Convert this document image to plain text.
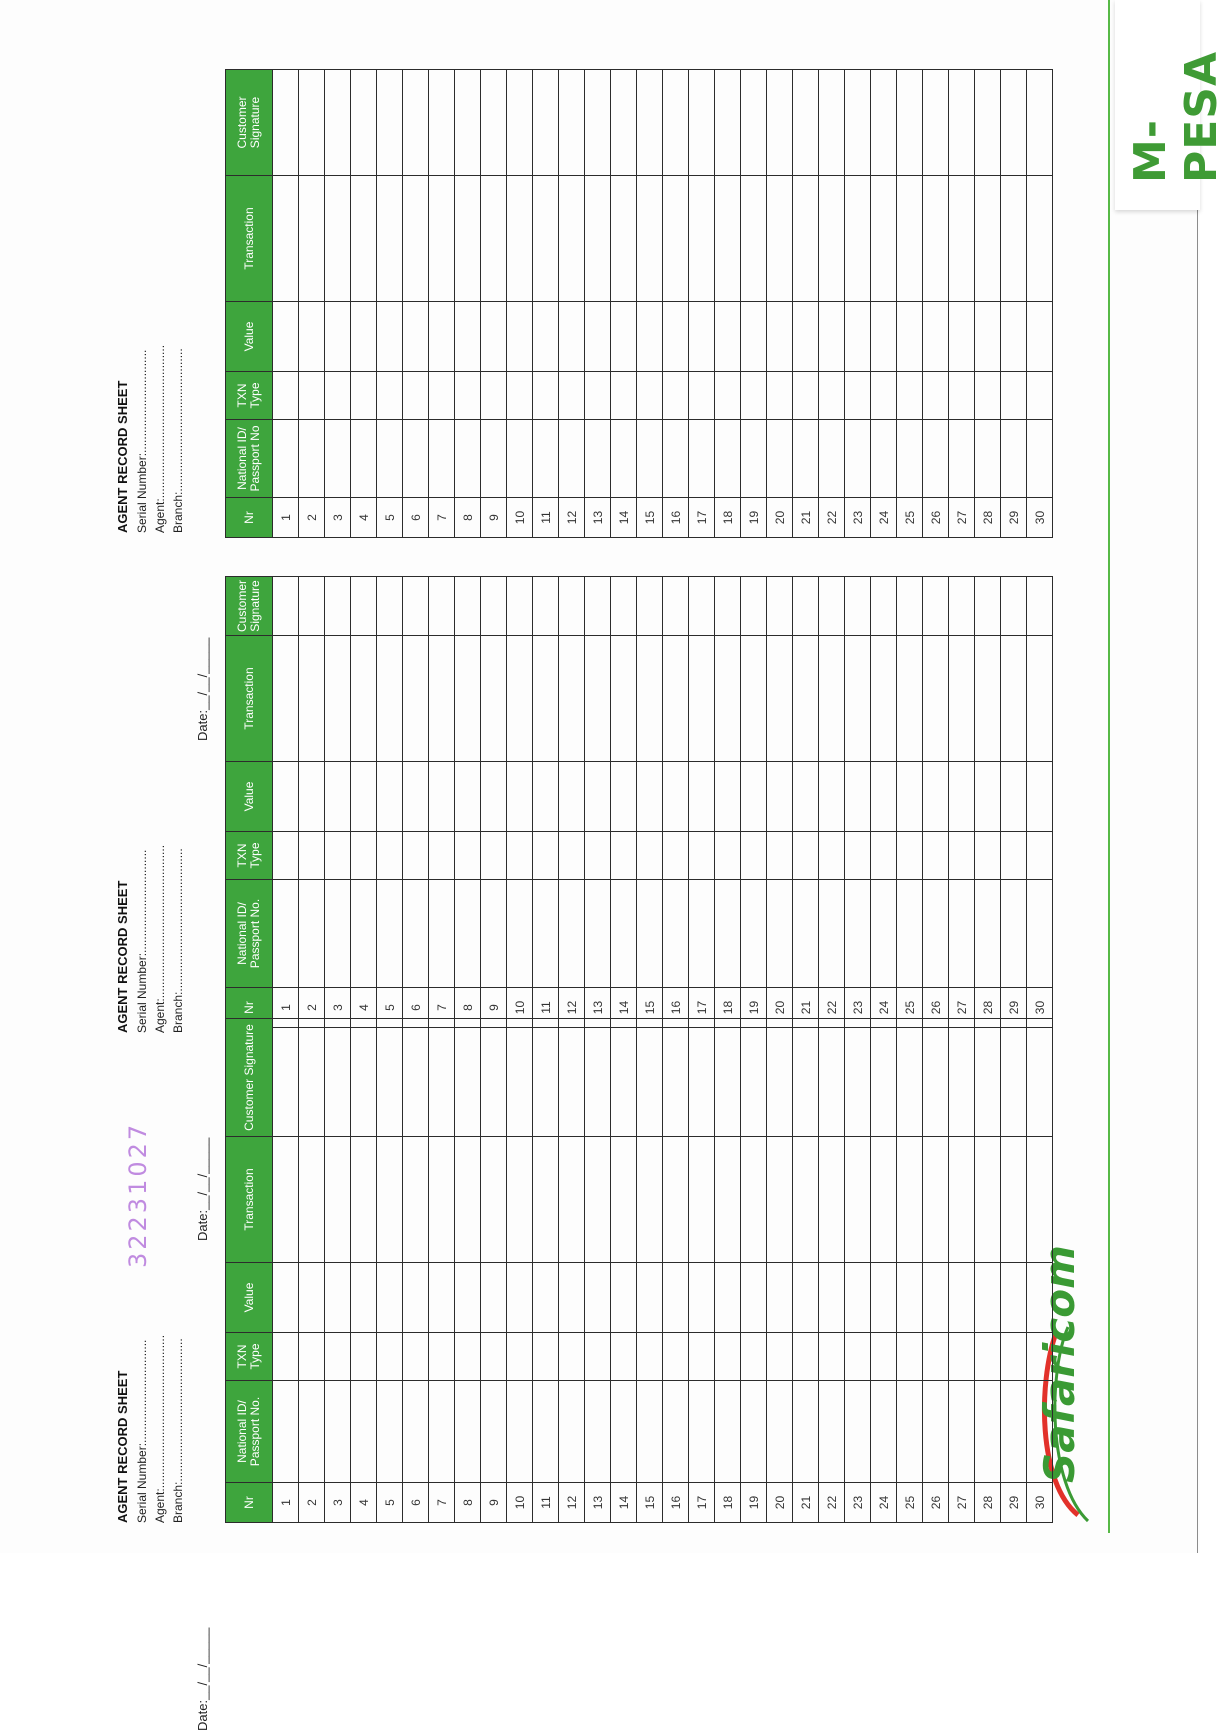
M-PESA
Safaricom
AGENT RECORD SHEET Serial Number:............................... Agent:.............................................. Branch:...........................................
Date:__/__/_____
AGENT RECORD SHEET Serial Number:............................... Agent:.............................................. Branch:...........................................
Date:__/__/_____
AGENT RECORD SHEET Serial Number:............................... Agent:.............................................. Branch:...........................................
Date:__/__/_____
32231027
Nr	National ID/ Passport No	TXN Type	Value	Transaction	Customer Signature
1					
2					
3					
4					
5					
6					
7					
8					
9					
10					
11					
12					
13					
14					
15					
16					
17					
18					
19					
20					
21					
22					
23					
24					
25					
26					
27					
28					
29					
30					
Nr	National ID/ Passport No.	TXN Type	Value	Transaction	Customer Signature
1					
2					
3					
4					
5					
6					
7					
8					
9					
10					
11					
12					
13					
14					
15					
16					
17					
18					
19					
20					
21					
22					
23					
24					
25					
26					
27					
28					
29					
30					
Nr	National ID/ Passport No.	TXN Type	Value	Transaction	Customer Signature
1					
2					
3					
4					
5					
6					
7					
8					
9					
10					
11					
12					
13					
14					
15					
16					
17					
18					
19					
20					
21					
22					
23					
24					
25					
26					
27					
28					
29					
30					
